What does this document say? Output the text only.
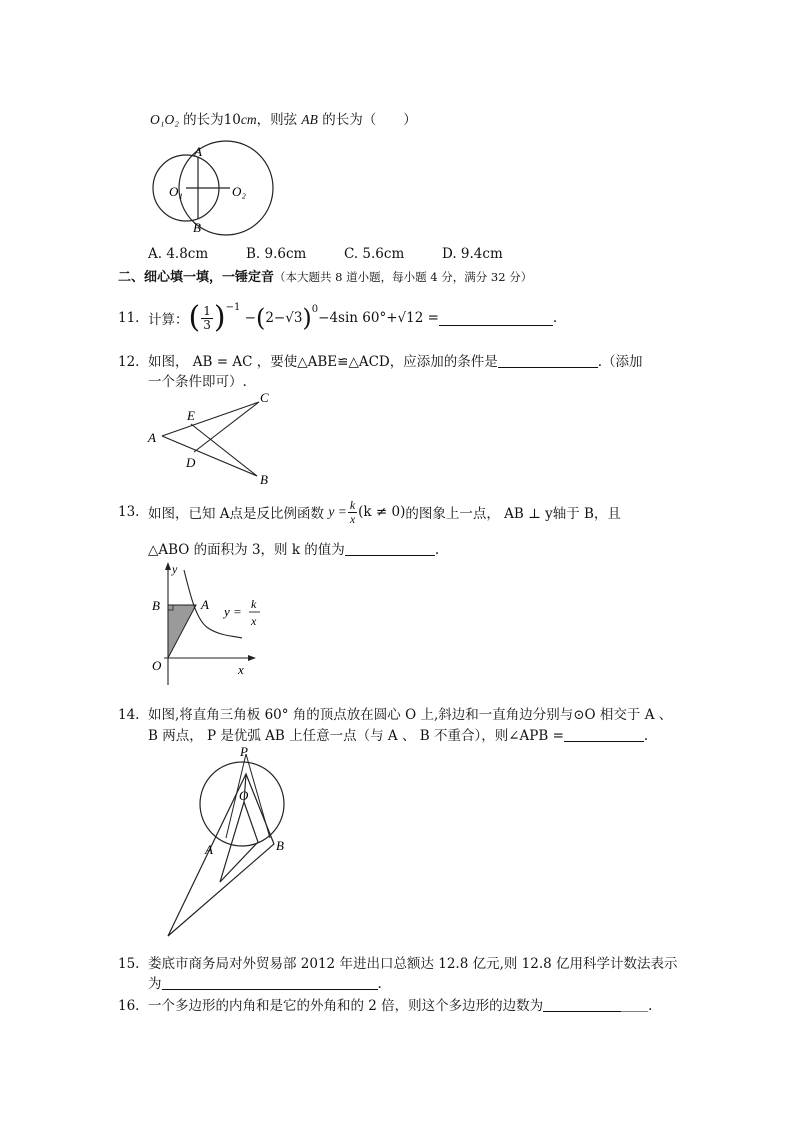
O₁O₂ 的长为10cm，则弦 AB 的长为（　　）
A
B
O₁	O₂
A. 4.8cm	B. 9.6cm	C. 5.6cm	D. 9.4cm
二、细心填一填，一锤定音（本大题共 8 道小题，每小题 4 分，满分 32 分）
11. 计算： ( $\frac{1}{3} )^{-1}$
− ( 2−√3 )$^0$
−4sin 60°+√12 =	.
12. 如图， AB = AC ，要使△ABE≌△ACD，应添加的条件是	.（添加
一个条件即可）.
A
E
D
C
B
13. 如图，已知 A点是反比例函数
$y = \frac{k}{x} (k \ne 0)$ 的图象上一点， AB ⊥ y轴于 B，且
△ABO 的面积为 3，则 k 的值为	.
y
B	A
O	x
y = k
x
14. 如图,将直角三角板 60° 角的顶点放在圆心 O 上,斜边和一直角边分别与⊙O 相交于 A 、
B 两点， P 是优弧 AB 上任意一点（与 A 、 B 不重合），则∠APB =	.
P
O
A	B
15. 娄底市商务局对外贸易部 2012 年进出口总额达 12.8 亿元,则 12.8 亿用科学计数法表示
为	.
16. 一个多边形的内角和是它的外角和的 2 倍，则这个多边形的边数为	＿＿.
